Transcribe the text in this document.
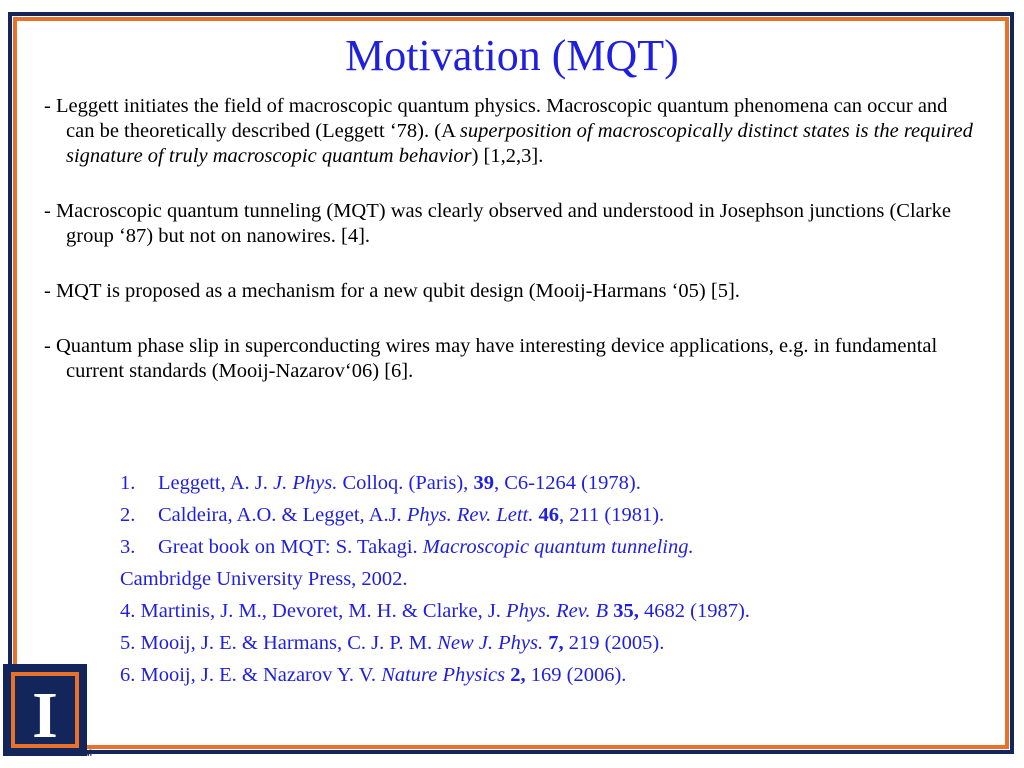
Motivation (MQT)

- Leggett initiates the field of macroscopic quantum physics. Macroscopic quantum phenomena can occur and can be theoretically described (Leggett ‘78). (A superposition of macroscopically distinct states is the required signature of truly macroscopic quantum behavior) [1,2,3].

- Macroscopic quantum tunneling (MQT) was clearly observed and understood in Josephson junctions (Clarke group ‘87) but not on nanowires. [4].

- MQT is proposed as a mechanism for a new qubit design (Mooij-Harmans ‘05) [5].

- Quantum phase slip in superconducting wires may have interesting device applications, e.g. in fundamental current standards (Mooij-Nazarov‘06) [6].

1. Leggett, A. J. J. Phys. Colloq. (Paris), 39, C6-1264 (1978).
2. Caldeira, A.O. & Legget, A.J. Phys. Rev. Lett. 46, 211 (1981).
3. Great book on MQT: S. Takagi. Macroscopic quantum tunneling.
Cambridge University Press, 2002.
4. Martinis, J. M., Devoret, M. H. & Clarke, J. Phys. Rev. B 35, 4682 (1987).
5. Mooij, J. E. & Harmans, C. J. P. M. New J. Phys. 7, 219 (2005).
6. Mooij, J. E. & Nazarov Y. V. Nature Physics 2, 169 (2006).
I
TM
